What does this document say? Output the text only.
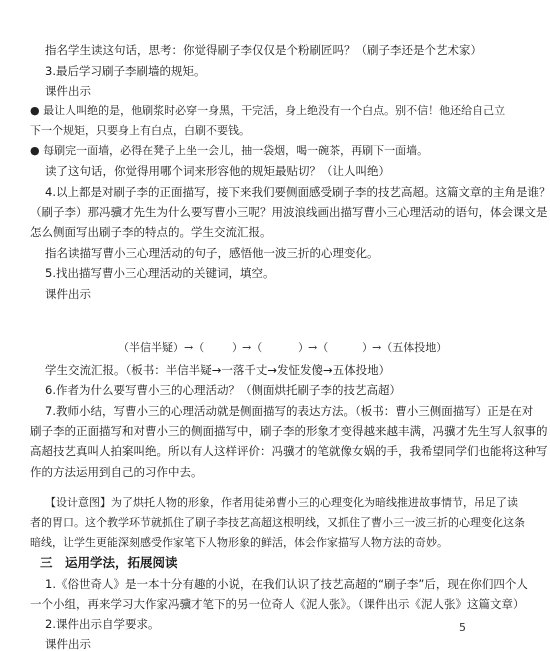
指名学生读这句话，思考：你觉得刷子李仅仅是个粉刷匠吗？（刷子李还是个艺术家）
3.最后学习刷子李刷墙的规矩。
课件出示
● 最让人叫绝的是，他刷浆时必穿一身黑，干完活，身上绝没有一个白点。别不信！他还给自己立
下一个规矩，只要身上有白点，白刷不要钱。
● 每刷完一面墙，必得在凳子上坐一会儿，抽一袋烟，喝一碗茶，再刷下一面墙。
读了这句话，你觉得用哪个词来形容他的规矩最贴切？（让人叫绝）
4.以上都是对刷子李的正面描写，接下来我们要侧面感受刷子李的技艺高超。这篇文章的主角是谁？
（刷子李）那冯骥才先生为什么要写曹小三呢？用波浪线画出描写曹小三心理活动的语句，体会课文是
怎么侧面写出刷子李的特点的。学生交流汇报。
指名读描写曹小三心理活动的句子，感悟他一波三折的心理变化。
5.找出描写曹小三心理活动的关键词，填空。
课件出示
学生交流汇报。（板书：半信半疑→一落千丈→发怔发傻→五体投地）
6.作者为什么要写曹小三的心理活动？（侧面烘托刷子李的技艺高超）
7.教师小结，写曹小三的心理活动就是侧面描写的表达方法。（板书：曹小三侧面描写）正是在对
刷子李的正面描写和对曹小三的侧面描写中，刷子李的形象才变得越来越丰满，冯骥才先生写人叙事的
高超技艺真叫人拍案叫绝。所以有人这样评价：冯骥才的笔就像女娲的手，我希望同学们也能将这种写
作的方法运用到自己的习作中去。
【设计意图】为了烘托人物的形象，作者用徒弟曹小三的心理变化为暗线推进故事情节，吊足了读
者的胃口。这个教学环节就抓住了刷子李技艺高超这根明线，又抓住了曹小三一波三折的心理变化这条
暗线，让学生更能深刻感受作家笔下人物形象的鲜活，体会作家描写人物方法的奇妙。
三　运用学法，拓展阅读
1.《俗世奇人》是一本十分有趣的小说，在我们认识了技艺高超的“刷子李”后，现在你们四个人
一个小组，再来学习大作家冯骥才笔下的另一位奇人《泥人张》。（课件出示《泥人张》这篇文章）
2.课件出示自学要求。
课件出示
（半信半疑） →（	） →（	） →（	） →（五体投地）
5
